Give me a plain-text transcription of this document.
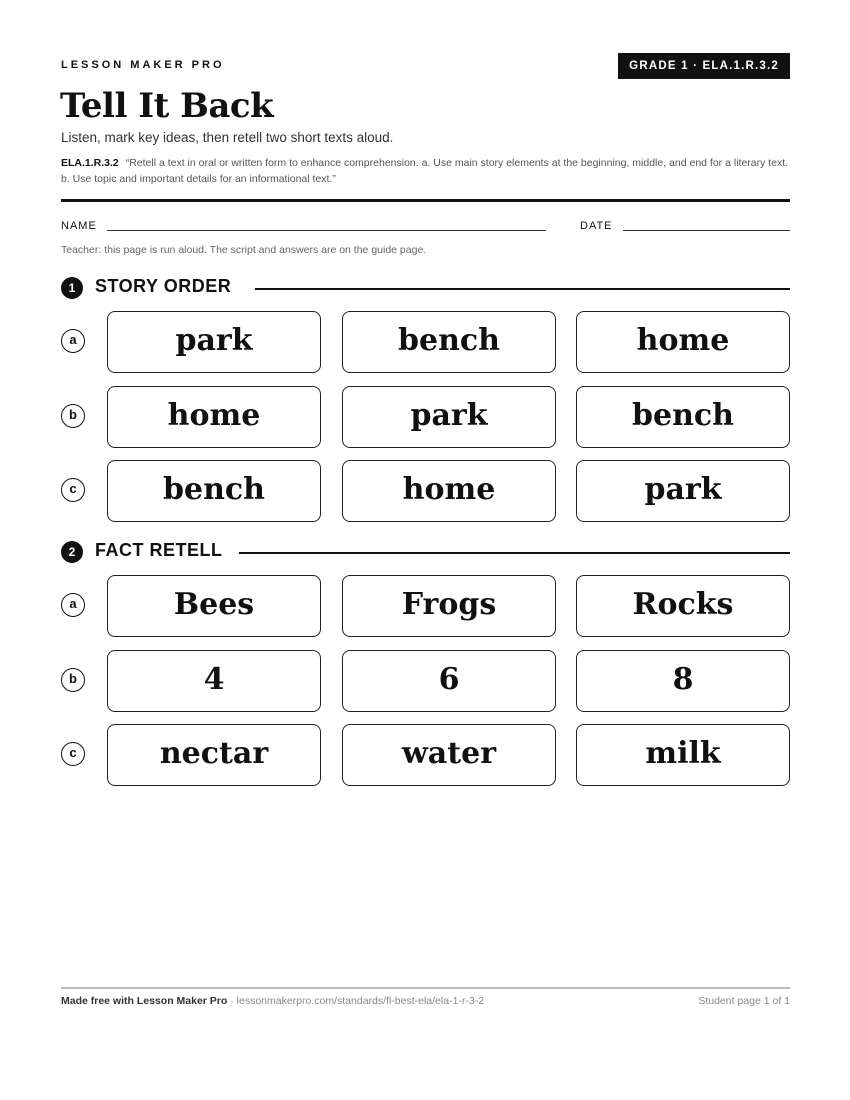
LESSON MAKER PRO	GRADE 1 · ELA.1.R.3.2
Tell It Back
Listen, mark key ideas, then retell two short texts aloud.
ELA.1.R.3.2 “Retell a text in oral or written form to enhance comprehension. a. Use main story elements at the beginning, middle, and end for a literary text. b. Use topic and important details for an informational text.”
NAME	DATE
Teacher: this page is run aloud. The script and answers are on the guide page.
1	STORY ORDER
a	park	bench	home
b	home	park	bench
c	bench	home	park
2	FACT RETELL
a	Bees	Frogs	Rocks
b	4	6	8
c	nectar	water	milk
Made free with Lesson Maker Pro · lessonmakerpro.com/standards/fl-best-ela/ela-1-r-3-2	Student page 1 of 1
